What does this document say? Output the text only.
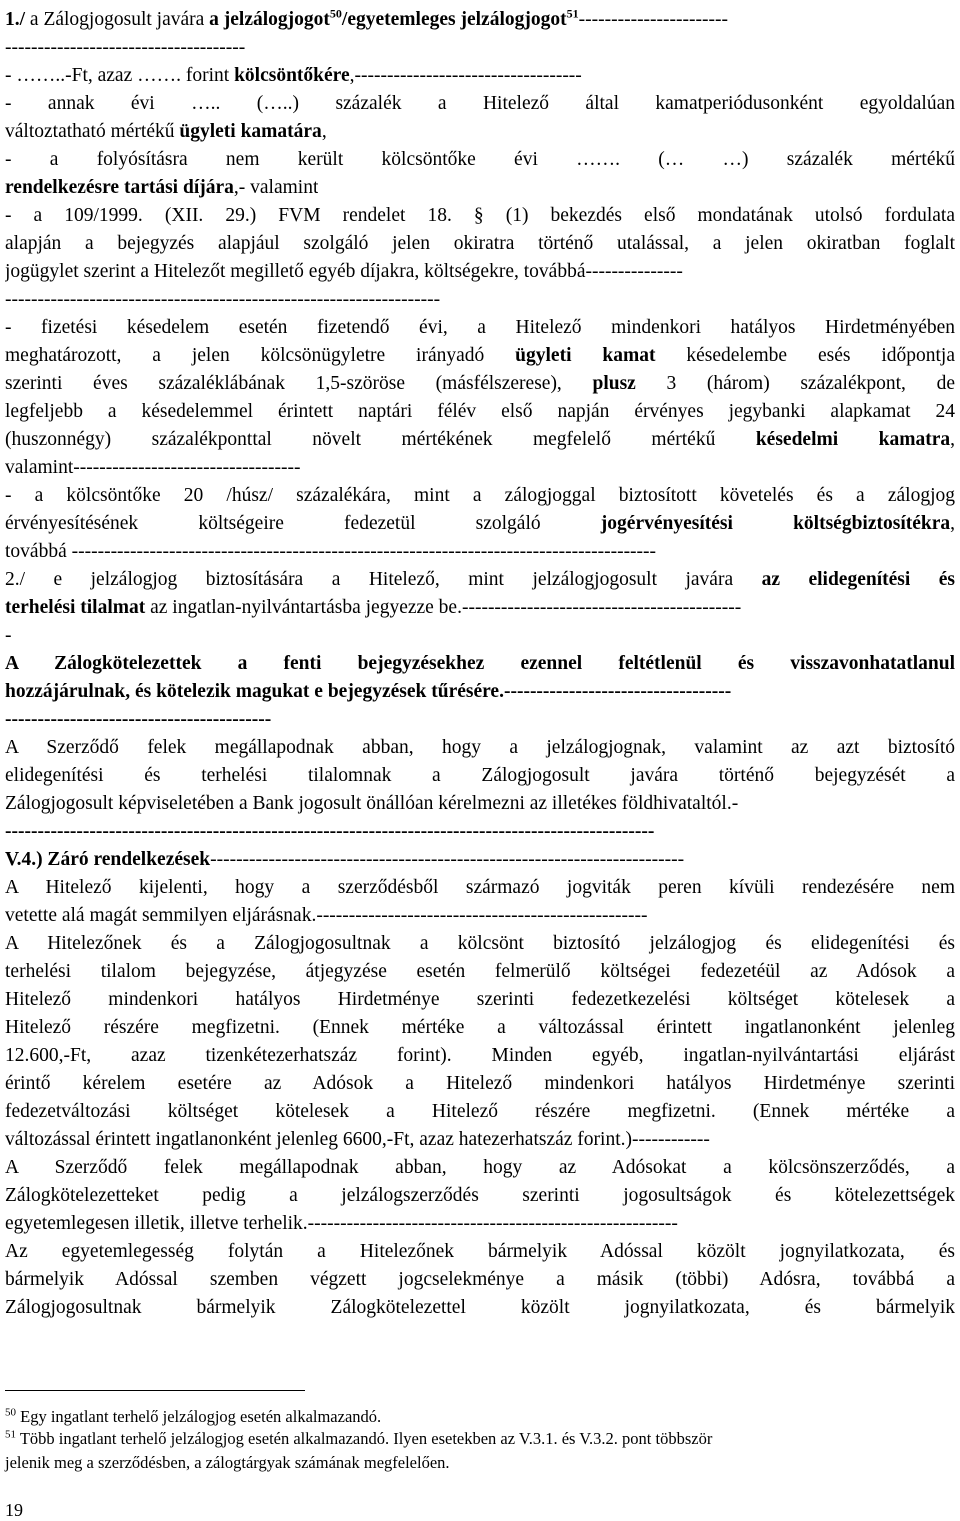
1./ a Zálogjogosult javára a jelzálogjogot$^{50}$/egyetemleges jelzálogjogot$^{51}$-----------------------
-------------------------------------
- ……..-Ft, azaz ……. forint kölcsöntőkére,-----------------------------------
- annak évi ….. (…..) százalék a Hitelező által kamatperiódusonként egyoldalúan
változtatható mértékű ügyleti kamatára,
- a folyósításra nem került kölcsöntőke évi ……. (… …) százalék mértékű
rendelkezésre tartási díjára,- valamint
- a 109/1999. (XII. 29.) FVM rendelet 18. § (1) bekezdés első mondatának utolsó fordulata
alapján a bejegyzés alapjául szolgáló jelen okiratra történő utalással, a jelen okiratban foglalt
jogügylet szerint a Hitelezőt megillető egyéb díjakra, költségekre, továbbá---------------
-------------------------------------------------------------------
- fizetési késedelem esetén fizetendő évi, a Hitelező mindenkori hatályos Hirdetményében
meghatározott, a jelen kölcsönügyletre irányadó ügyleti kamat késedelembe esés időpontja
szerinti éves százaléklábának 1,5-szöröse (másfélszerese), plusz 3 (három) százalékpont, de
legfeljebb a késedelemmel érintett naptári félév első napján érvényes jegybanki alapkamat 24
(huszonnégy) százalékponttal növelt mértékének megfelelő mértékű késedelmi kamatra,
valamint-----------------------------------
- a kölcsöntőke 20 /húsz/ százalékára, mint a zálogjoggal biztosított követelés és a zálogjog
érvényesítésének költségeire fedezetül szolgáló jogérvényesítési költségbiztosítékra,
továbbá ------------------------------------------------------------------------------------------
2./ e jelzálogjog biztosítására a Hitelező, mint jelzálogjogosult javára az elidegenítési és
terhelési tilalmat az ingatlan-nyilvántartásba jegyezze be.-------------------------------------------
-
A Zálogkötelezettek a fenti bejegyzésekhez ezennel feltétlenül és visszavonhatatlanul
hozzájárulnak, és kötelezik magukat e bejegyzések tűrésére.-----------------------------------
-----------------------------------------
A Szerződő felek megállapodnak abban, hogy a jelzálogjognak, valamint az azt biztosító
elidegenítési és terhelési tilalomnak a Zálogjogosult javára történő bejegyzését a
Zálogjogosult képviseletében a Bank jogosult önállóan kérelmezni az illetékes földhivataltól.-
----------------------------------------------------------------------------------------------------
V.4.) Záró rendelkezések-------------------------------------------------------------------------
A Hitelező kijelenti, hogy a szerződésből származó jogviták peren kívüli rendezésére nem
vetette alá magát semmilyen eljárásnak.---------------------------------------------------
A Hitelezőnek és a Zálogjogosultnak a kölcsönt biztosító jelzálogjog és elidegenítési és
terhelési tilalom bejegyzése, átjegyzése esetén felmerülő költségei fedezetéül az Adósok a
Hitelező mindenkori hatályos Hirdetménye szerinti fedezetkezelési költséget kötelesek a
Hitelező részére megfizetni. (Ennek mértéke a változással érintett ingatlanonként jelenleg
12.600,-Ft, azaz tizenkétezerhatszáz forint). Minden egyéb, ingatlan-nyilvántartási eljárást
érintő kérelem esetére az Adósok a Hitelező mindenkori hatályos Hirdetménye szerinti
fedezetváltozási költséget kötelesek a Hitelező részére megfizetni. (Ennek mértéke a
változással érintett ingatlanonként jelenleg 6600,-Ft, azaz hatezerhatszáz forint.)------------
A Szerződő felek megállapodnak abban, hogy az Adósokat a kölcsönszerződés, a
Zálogkötelezetteket pedig a jelzálogszerződés szerinti jogosultságok és kötelezettségek
egyetemlegesen illetik, illetve terhelik.---------------------------------------------------------
Az egyetemlegesség folytán a Hitelezőnek bármelyik Adóssal közölt jognyilatkozata, és
bármelyik Adóssal szemben végzett jogcselekménye a másik (többi) Adósra, továbbá a
Zálogjogosultnak bármelyik Zálogkötelezettel közölt jognyilatkozata, és bármelyik
$^{50}$ Egy ingatlant terhelő jelzálogjog esetén alkalmazandó.
$^{51}$ Több ingatlant terhelő jelzálogjog esetén alkalmazandó. Ilyen esetekben az V.3.1. és V.3.2. pont többször
jelenik meg a szerződésben, a zálogtárgyak számának megfelelően.
19
